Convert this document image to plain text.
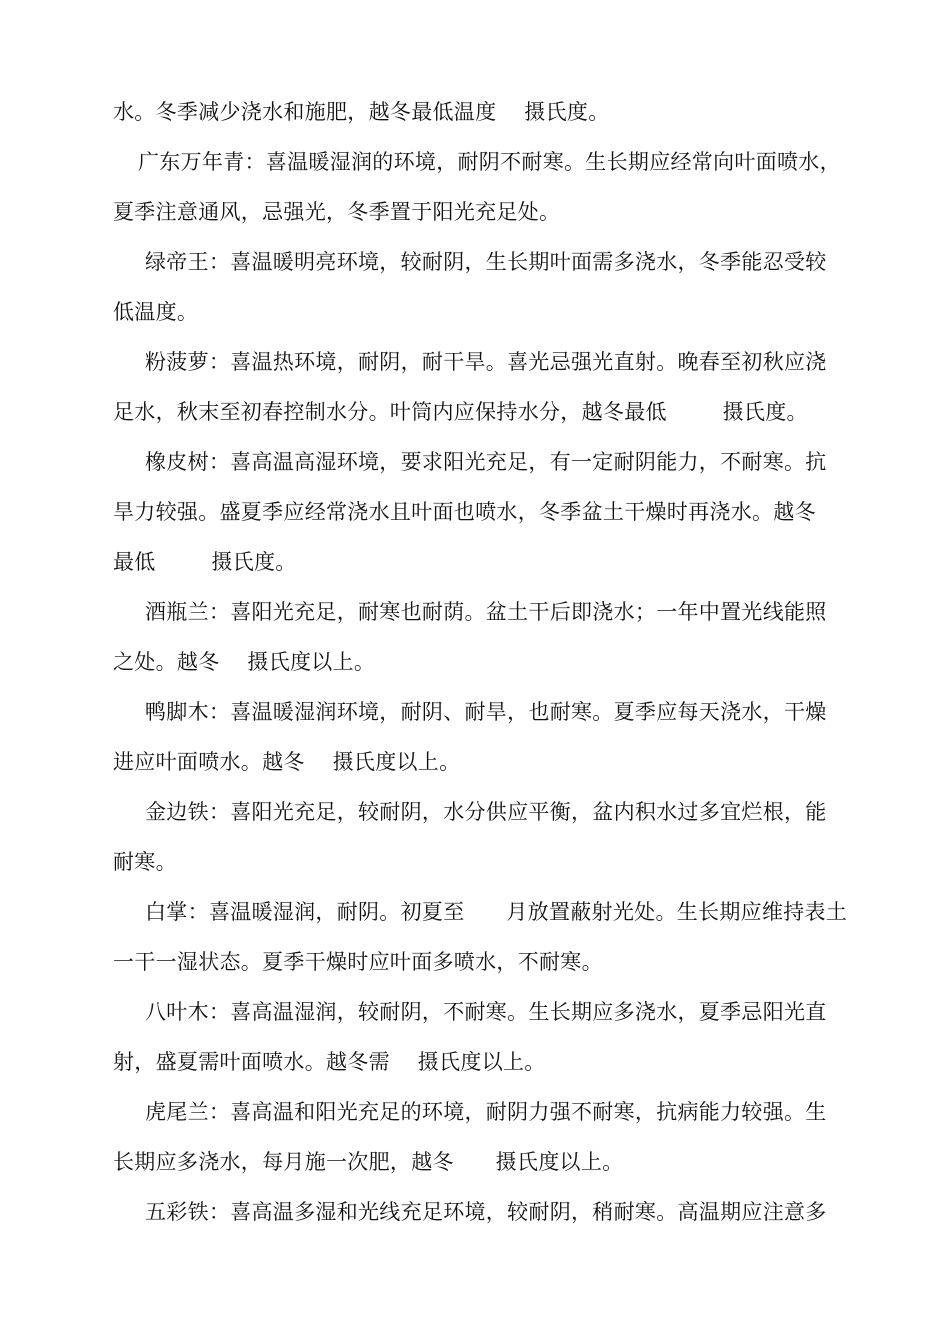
水。冬季减少浇水和施肥，越冬最低温度    摄氏度。
广东万年青：喜温暖湿润的环境，耐阴不耐寒。生长期应经常向叶面喷水，
夏季注意通风，忌强光，冬季置于阳光充足处。
绿帝王：喜温暖明亮环境，较耐阴，生长期叶面需多浇水，冬季能忍受较
低温度。
粉菠萝：喜温热环境，耐阴，耐干旱。喜光忌强光直射。晚春至初秋应浇
足水，秋末至初春控制水分。叶筒内应保持水分，越冬最低        摄氏度。
橡皮树：喜高温高湿环境，要求阳光充足，有一定耐阴能力，不耐寒。抗
旱力较强。盛夏季应经常浇水且叶面也喷水，冬季盆土干燥时再浇水。越冬
最低        摄氏度。
酒瓶兰：喜阳光充足，耐寒也耐荫。盆土干后即浇水；一年中置光线能照
之处。越冬    摄氏度以上。
鸭脚木：喜温暖湿润环境，耐阴、耐旱，也耐寒。夏季应每天浇水，干燥
进应叶面喷水。越冬    摄氏度以上。
金边铁：喜阳光充足，较耐阴，水分供应平衡，盆内积水过多宜烂根，能
耐寒。
白掌：喜温暖湿润，耐阴。初夏至      月放置蔽射光处。生长期应维持表土
一干一湿状态。夏季干燥时应叶面多喷水，不耐寒。
八叶木：喜高温湿润，较耐阴，不耐寒。生长期应多浇水，夏季忌阳光直
射，盛夏需叶面喷水。越冬需    摄氏度以上。
虎尾兰：喜高温和阳光充足的环境，耐阴力强不耐寒，抗病能力较强。生
长期应多浇水，每月施一次肥，越冬      摄氏度以上。
五彩铁：喜高温多湿和光线充足环境，较耐阴，稍耐寒。高温期应注意多
